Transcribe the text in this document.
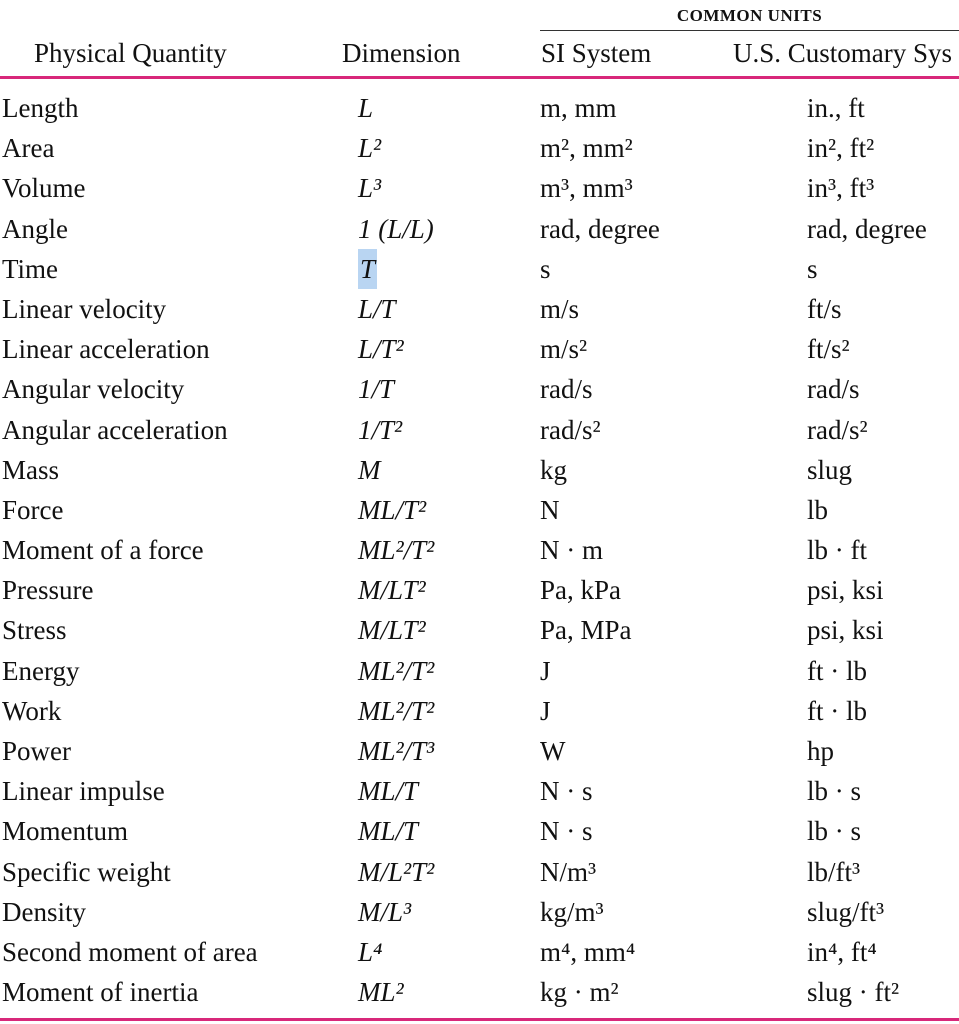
COMMON UNITS
Physical Quantity	Dimension	SI System	U.S. Customary Sys
Length	L	m, mm	in., ft
Area	L²	m², mm²	in², ft²
Volume	L³	m³, mm³	in³, ft³
Angle	1 (L/L)	rad, degree	rad, degree
Time	T	s	s
Linear velocity	L/T	m/s	ft/s
Linear acceleration	L/T²	m/s²	ft/s²
Angular velocity	1/T	rad/s	rad/s
Angular acceleration	1/T²	rad/s²	rad/s²
Mass	M	kg	slug
Force	ML/T²	N	lb
Moment of a force	ML²/T²	N · m	lb · ft
Pressure	M/LT²	Pa, kPa	psi, ksi
Stress	M/LT²	Pa, MPa	psi, ksi
Energy	ML²/T²	J	ft · lb
Work	ML²/T²	J	ft · lb
Power	ML²/T³	W	hp
Linear impulse	ML/T	N · s	lb · s
Momentum	ML/T	N · s	lb · s
Specific weight	M/L²T²	N/m³	lb/ft³
Density	M/L³	kg/m³	slug/ft³
Second moment of area	L⁴	m⁴, mm⁴	in⁴, ft⁴
Moment of inertia	ML²	kg · m²	slug · ft²
